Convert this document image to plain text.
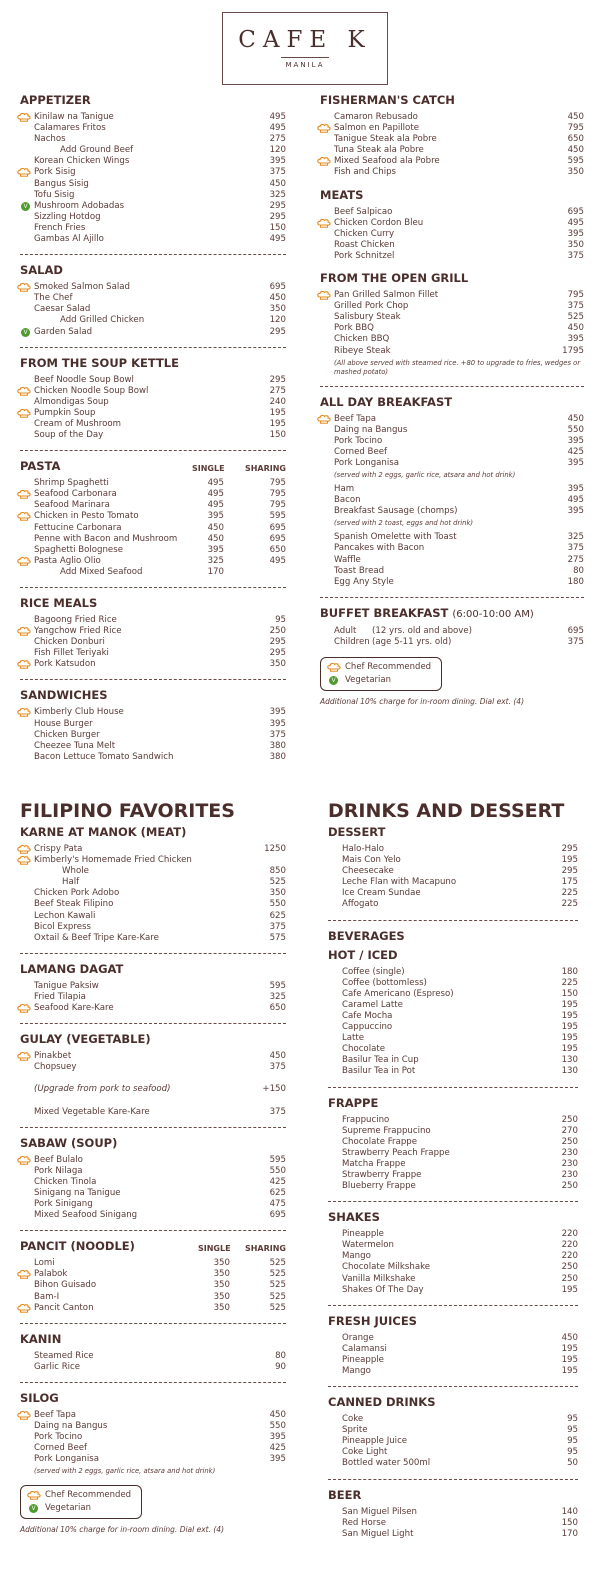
CAFE K
MANILA
APPETIZER
Kinilaw na Tanigue	495
Calamares Fritos	495
Nachos	275
Add Ground Beef	120
Korean Chicken Wings	395
Pork Sisig	375
Bangus Sisig	450
Tofu Sisig	325
V Mushroom Adobadas	295
Sizzling Hotdog	295
French Fries	150
Gambas Al Ajillo	495
SALAD
Smoked Salmon Salad	695
The Chef	450
Caesar Salad	350
Add Grilled Chicken	120
V Garden Salad	295
FROM THE SOUP KETTLE
Beef Noodle Soup Bowl	295
Chicken Noodle Soup Bowl	275
Almondigas Soup	240
Pumpkin Soup	195
Cream of Mushroom	195
Soup of the Day	150
PASTA	SINGLE	SHARING
Shrimp Spaghetti	495	795
Seafood Carbonara	495	795
Seafood Marinara	495	795
Chicken in Pesto Tomato	395	595
Fettucine Carbonara	450	695
Penne with Bacon and Mushroom	450	695
Spaghetti Bolognese	395	650
Pasta Aglio Olio	325	495
Add Mixed Seafood	170
RICE MEALS
Bagoong Fried Rice	95
Yangchow Fried Rice	250
Chicken Donburi	295
Fish Fillet Teriyaki	295
Pork Katsudon	350
SANDWICHES
Kimberly Club House	395
House Burger	395
Chicken Burger	375
Cheezee Tuna Melt	380
Bacon Lettuce Tomato Sandwich	380
FISHERMAN'S CATCH
Camaron Rebusado	450
Salmon en Papillote	795
Tanigue Steak ala Pobre	650
Tuna Steak ala Pobre	450
Mixed Seafood ala Pobre	595
Fish and Chips	350
MEATS
Beef Salpicao	695
Chicken Cordon Bleu	495
Chicken Curry	395
Roast Chicken	350
Pork Schnitzel	375
FROM THE OPEN GRILL
Pan Grilled Salmon Fillet	795
Grilled Pork Chop	375
Salisbury Steak	525
Pork BBQ	450
Chicken BBQ	395
Ribeye Steak	1795
(All above served with steamed rice. +80 to upgrade to fries, wedges or mashed potato)
ALL DAY BREAKFAST
Beef Tapa	450
Daing na Bangus	550
Pork Tocino	395
Corned Beef	425
Pork Longanisa	395
(served with 2 eggs, garlic rice, atsara and hot drink)
Ham	395
Bacon	495
Breakfast Sausage (chomps)	395
(served with 2 toast, eggs and hot drink)
Spanish Omelette with Toast	325
Pancakes with Bacon	375
Waffle	275
Toast Bread	80
Egg Any Style	180
BUFFET BREAKFAST (6:00-10:00 AM)
Adult (12 yrs. old and above)	695
Children (age 5-11 yrs. old)	375
Chef Recommended
V Vegetarian
Additional 10% charge for in-room dining. Dial ext. (4)
FILIPINO FAVORITES
KARNE AT MANOK (MEAT)
Crispy Pata	1250
Kimberly's Homemade Fried Chicken
Whole	850
Half	525
Chicken Pork Adobo	350
Beef Steak Filipino	550
Lechon Kawali	625
Bicol Express	375
Oxtail & Beef Tripe Kare-Kare	575
LAMANG DAGAT
Tanigue Paksiw	595
Fried Tilapia	325
Seafood Kare-Kare	650
GULAY (VEGETABLE)
Pinakbet	450
Chopsuey	375
(Upgrade from pork to seafood)	+150
Mixed Vegetable Kare-Kare	375
SABAW (SOUP)
Beef Bulalo	595
Pork Nilaga	550
Chicken Tinola	425
Sinigang na Tanigue	625
Pork Sinigang	475
Mixed Seafood Sinigang	695
PANCIT (NOODLE)	SINGLE SHARING
Lomi	350	525
Palabok	350	525
Bihon Guisado	350	525
Bam-I	350	525
Pancit Canton	350	525
KANIN
Steamed Rice	80
Garlic Rice	90
SILOG
Beef Tapa	450
Daing na Bangus	550
Pork Tocino	395
Corned Beef	425
Pork Longanisa	395
(served with 2 eggs, garlic rice, atsara and hot drink)
Chef Recommended
V Vegetarian
Additional 10% charge for in-room dining. Dial ext. (4)
DRINKS AND DESSERT
DESSERT
Halo-Halo	295
Mais Con Yelo	195
Cheesecake	295
Leche Flan with Macapuno	175
Ice Cream Sundae	225
Affogato	225
BEVERAGES
HOT / ICED
Coffee (single)	180
Coffee (bottomless)	225
Cafe Americano (Espreso)	150
Caramel Latte	195
Cafe Mocha	195
Cappuccino	195
Latte	195
Chocolate	195
Basilur Tea in Cup	130
Basilur Tea in Pot	130
FRAPPE
Frappucino	250
Supreme Frappucino	270
Chocolate Frappe	250
Strawberry Peach Frappe	230
Matcha Frappe	230
Strawberry Frappe	230
Blueberry Frappe	250
SHAKES
Pineapple	220
Watermelon	220
Mango	220
Chocolate Milkshake	250
Vanilla Milkshake	250
Shakes Of The Day	195
FRESH JUICES
Orange	450
Calamansi	195
Pineapple	195
Mango	195
CANNED DRINKS
Coke	95
Sprite	95
Pineapple Juice	95
Coke Light	95
Bottled water 500ml	50
BEER
San Miguel Pilsen	140
Red Horse	150
San Miguel Light	170
